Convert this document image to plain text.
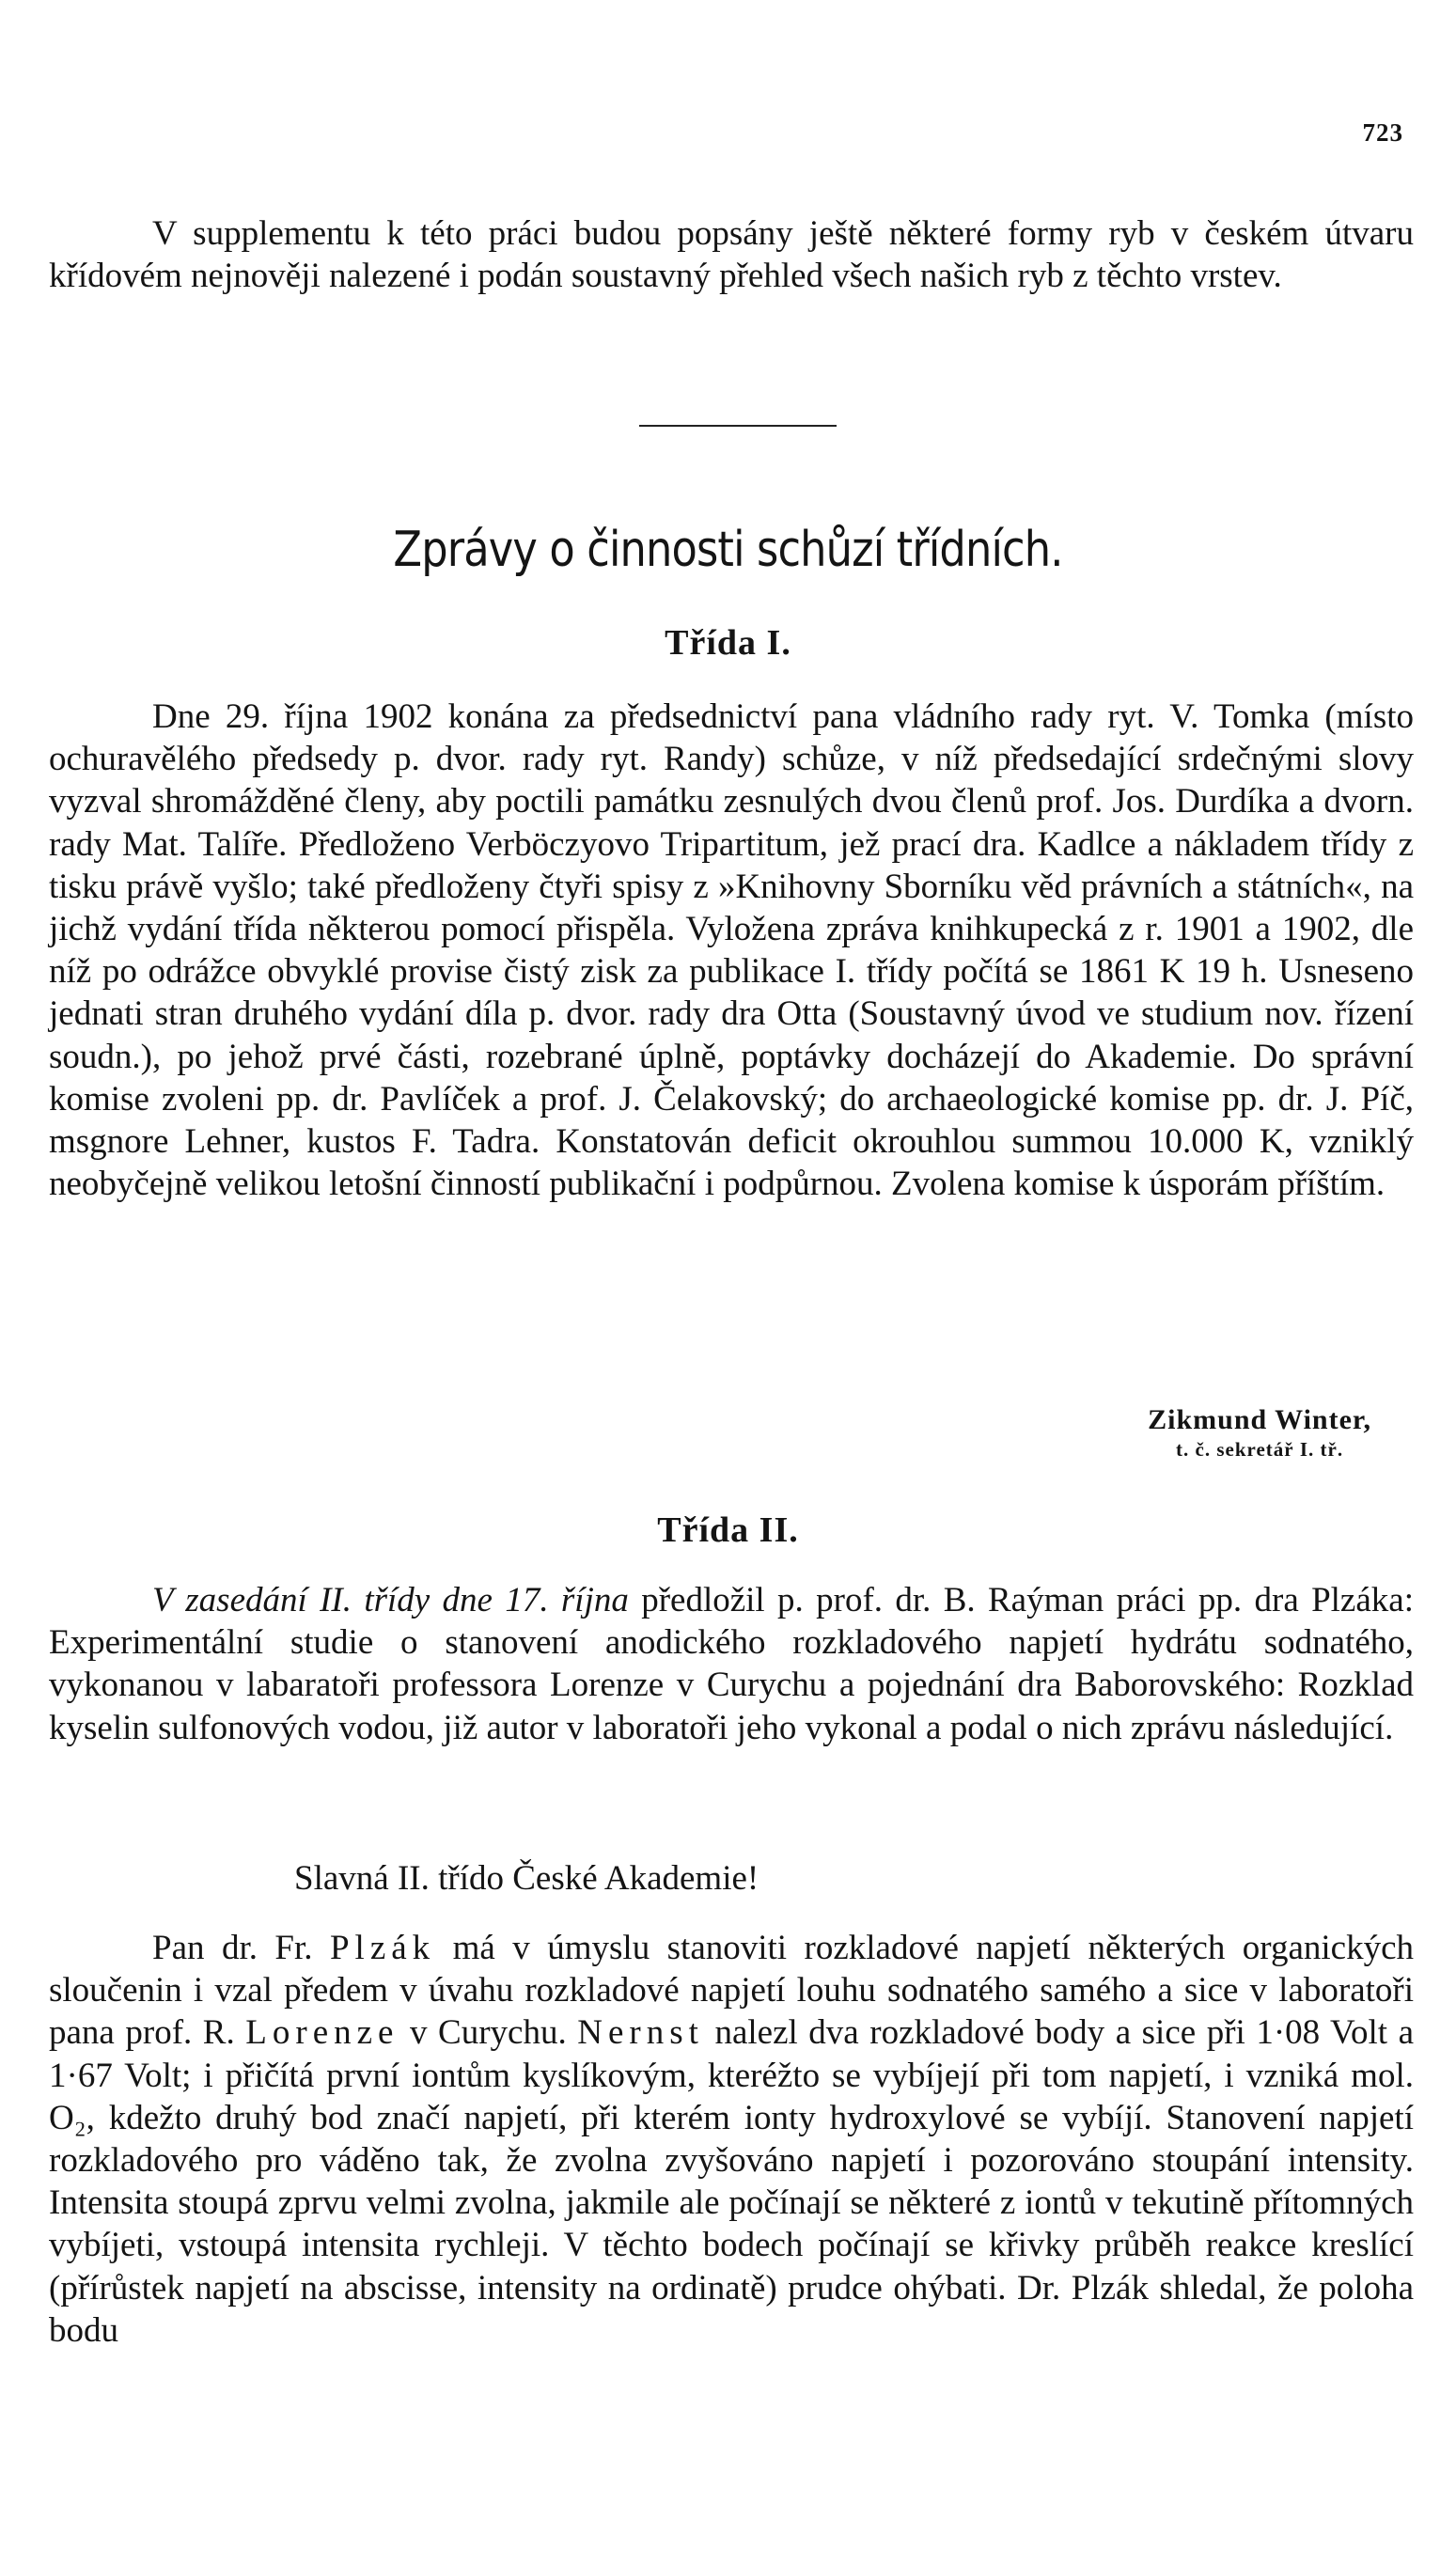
723

V supplementu k této práci budou popsány ještě některé formy ryb v českém útvaru křídovém nejnověji nalezené i podán soustavný přehled všech našich ryb z těchto vrstev.

Zprávy o činnosti schůzí třídních.
Třída I.

Dne 29. října 1902 konána za předsednictví pana vládního rady ryt. V. Tomka (místo ochuravělého předsedy p. dvor. rady ryt. Randy) schůze, v níž předsedající srdečnými slovy vyzval shromážděné členy, aby poctili památku zesnulých dvou členů prof. Jos. Durdíka a dvorn. rady Mat. Talíře. Předloženo Verböczyovo Tripartitum, jež prací dra. Kadlce a nákladem třídy z tisku právě vyšlo; také předloženy čtyři spisy z »Knihovny Sborníku věd právních a státních«, na jichž vydání třída některou pomocí přispěla. Vyložena zpráva knihkupecká z r. 1901 a 1902, dle níž po odrážce obvyklé provise čistý zisk za publikace I. třídy počítá se 1861 K 19 h. Usneseno jednati stran druhého vydání díla p. dvor. rady dra Otta (Soustavný úvod ve studium nov. řízení soudn.), po jehož prvé části, rozebrané úplně, poptávky docházejí do Akademie. Do správní komise zvoleni pp. dr. Pavlíček a prof. J. Čelakovský; do archaeologické komise pp. dr. J. Píč, msgnore Lehner, kustos F. Tadra. Konstatován deficit okrouhlou summou 10.000 K, vzniklý neobyčejně velikou letošní činností publikační i podpůrnou. Zvolena komise k úsporám příštím.

Zikmund Winter,
t. č. sekretář I. tř.

Třída II.

V zasedání II. třídy dne 17. října předložil p. prof. dr. B. Raýman práci pp. dra Plzáka: Experimentální studie o stanovení anodického rozkladového napjetí hydrátu sodnatého, vykonanou v labaratoři professora Lorenze v Curychu a pojednání dra Baborovského: Rozklad kyselin sulfonových vodou, již autor v laboratoři jeho vykonal a podal o nich zprávu následující.

Slavná II. třído České Akademie!

Pan dr. Fr. Plzák má v úmyslu stanoviti rozkladové napjetí některých organických sloučenin i vzal předem v úvahu rozkladové napjetí louhu sodnatého samého a sice v laboratoři pana prof. R. Lorenze v Curychu. Nernst nalezl dva rozkladové body a sice při 1·08 Volt a 1·67 Volt; i přičítá první iontům kyslíkovým, kteréžto se vybíjejí při tom napjetí, i vzniká mol. O₂, kdežto druhý bod značí napjetí, při kterém ionty hydroxylové se vybíjí. Stanovení napjetí rozkladového pro váděno tak, že zvolna zvyšováno napjetí i pozorováno stoupání intensity. Intensita stoupá zprvu velmi zvolna, jakmile ale počínají se některé z iontů v tekutině přítomných vybíjeti, vstoupá intensita rychleji. V těchto bodech počínají se křivky průběh reakce kreslící (přírůstek napjetí na abscisse, intensity na ordinatě) prudce ohýbati. Dr. Plzák shledal, že poloha bodu
